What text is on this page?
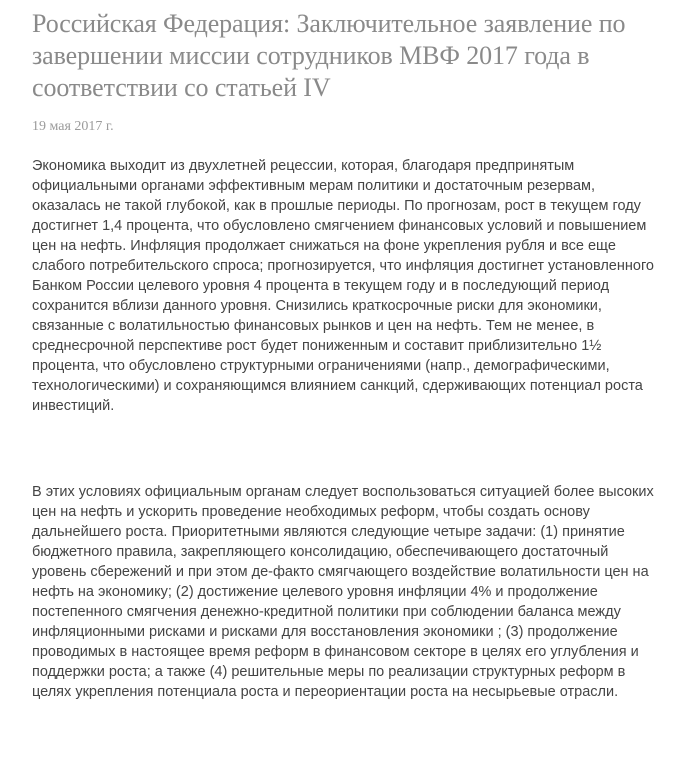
Российская Федерация: Заключительное заявление по завершении миссии сотрудников МВФ 2017 года в соответствии со статьей IV

19 мая 2017 г.

Экономика выходит из двухлетней рецессии, которая, благодаря предпринятым официальными органами эффективным мерам политики и достаточным резервам, оказалась не такой глубокой, как в прошлые периоды. По прогнозам, рост в текущем году достигнет 1,4 процента, что обусловлено смягчением финансовых условий и повышением цен на нефть. Инфляция продолжает снижаться на фоне укрепления рубля и все еще слабого потребительского спроса; прогнозируется, что инфляция достигнет установленного Банком России целевого уровня 4 процента в текущем году и в последующий период сохранится вблизи данного уровня. Снизились краткосрочные риски для экономики, связанные с волатильностью финансовых рынков и цен на нефть. Тем не менее, в среднесрочной перспективе рост будет пониженным и составит приблизительно 1½ процента, что обусловлено структурными ограничениями (напр., демографическими, технологическими) и сохраняющимся влиянием санкций, сдерживающих потенциал роста инвестиций.

В этих условиях официальным органам следует воспользоваться ситуацией более высоких цен на нефть и ускорить проведение необходимых реформ, чтобы создать основу дальнейшего роста. Приоритетными являются следующие четыре задачи: (1) принятие бюджетного правила, закрепляющего консолидацию, обеспечивающего достаточный уровень сбережений и при этом де-факто смягчающего воздействие волатильности цен на нефть на экономику; (2) достижение целевого уровня инфляции 4% и продолжение постепенного смягчения денежно-кредитной политики при соблюдении баланса между инфляционными рисками и рисками для восстановления экономики ; (3) продолжение проводимых в настоящее время реформ в финансовом секторе в целях его углубления и поддержки роста; а также (4) решительные меры по реализации структурных реформ в целях укрепления потенциала роста и переориентации роста на несырьевые отрасли.
